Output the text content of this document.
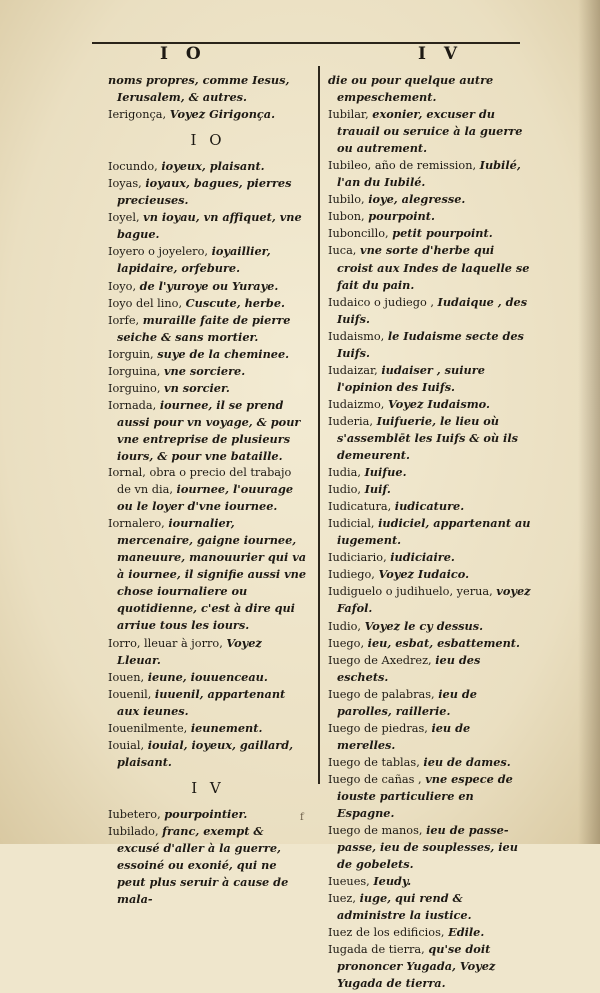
I O	I V
noms propres, comme Iesus, Ierusalem, & autres.
Ierigonça, Voyez Girigonça.
I O
Iocundo, ioyeux, plaisant.
Ioyas, ioyaux, bagues, pierres precieuses.
Ioyel, vn ioyau, vn affiquet, vne bague.
Ioyero o joyelero, ioyaillier, lapidaire, orfebure.
Ioyo, de l'yuroye ou Yuraye.
Ioyo del lino, Cuscute, herbe.
Iorfe, muraille faite de pierre seiche & sans mortier.
Iorguin, suye de la cheminee.
Iorguina, vne sorciere.
Iorguino, vn sorcier.
Iornada, iournee, il se prend aussi pour vn voyage, & pour vne entreprise de plusieurs iours, & pour vne bataille.
Iornal, obra o precio del trabajo de vn dia, iournee, l'ouurage ou le loyer d'vne iournee.
Iornalero, iournalier, mercenaire, gaigne iournee, maneuure, manouurier qui va à iournee, il signifie aussi vne chose iournaliere ou quotidienne, c'est à dire qui arriue tous les iours.
Iorro, lleuar à jorro, Voyez Lleuar.
Iouen, ieune, iouuenceau.
Iouenil, iuuenil, appartenant aux ieunes.
Iouenilmente, ieunement.
Iouial, iouial, ioyeux, gaillard, plaisant.
I V
Iubetero, pourpointier.
Iubilado, franc, exempt & excusé d'aller à la guerre, essoiné ou exonié, qui ne peut plus seruir à cause de mala-
die ou pour quelque autre empeschement.
Iubilar, exonier, excuser du trauail ou seruice à la guerre ou autrement.
Iubileo, año de remission, Iubilé, l'an du Iubilé.
Iubilo, ioye, alegresse.
Iubon, pourpoint.
Iuboncillo, petit pourpoint.
Iuca, vne sorte d'herbe qui croist aux Indes de laquelle se fait du pain.
Iudaico o judiego , Iudaique , des Iuifs.
Iudaismo, le Iudaisme secte des Iuifs.
Iudaizar, iudaiser , suiure l'opinion des Iuifs.
Iudaizmo, Voyez Iudaismo.
Iuderia, Iuifuerie, le lieu où s'assemblēt les Iuifs & où ils demeurent.
Iudia, Iuifue.
Iudio, Iuif.
Iudicatura, iudicature.
Iudicial, iudiciel, appartenant au iugement.
Iudiciario, iudiciaire.
Iudiego, Voyez Iudaico.
Iudiguelo o judihuelo, yerua, voyez Fafol.
Iudio, Voyez le cy dessus.
Iuego, ieu, esbat, esbattement.
Iuego de Axedrez, ieu des eschets.
Iuego de palabras, ieu de parolles, raillerie.
Iuego de piedras, ieu de merelles.
Iuego de tablas, ieu de dames.
Iuego de cañas , vne espece de iouste particuliere en Espagne.
Iuego de manos, ieu de passe-passe, ieu de souplesses, ieu de gobelets.
Iueues, Ieudy.
Iuez, iuge, qui rend & administre la iustice.
Iuez de los edificios, Edile.
Iugada de tierra, qu'se doit prononcer Yugada, Voyez Yugada de tierra.
f
